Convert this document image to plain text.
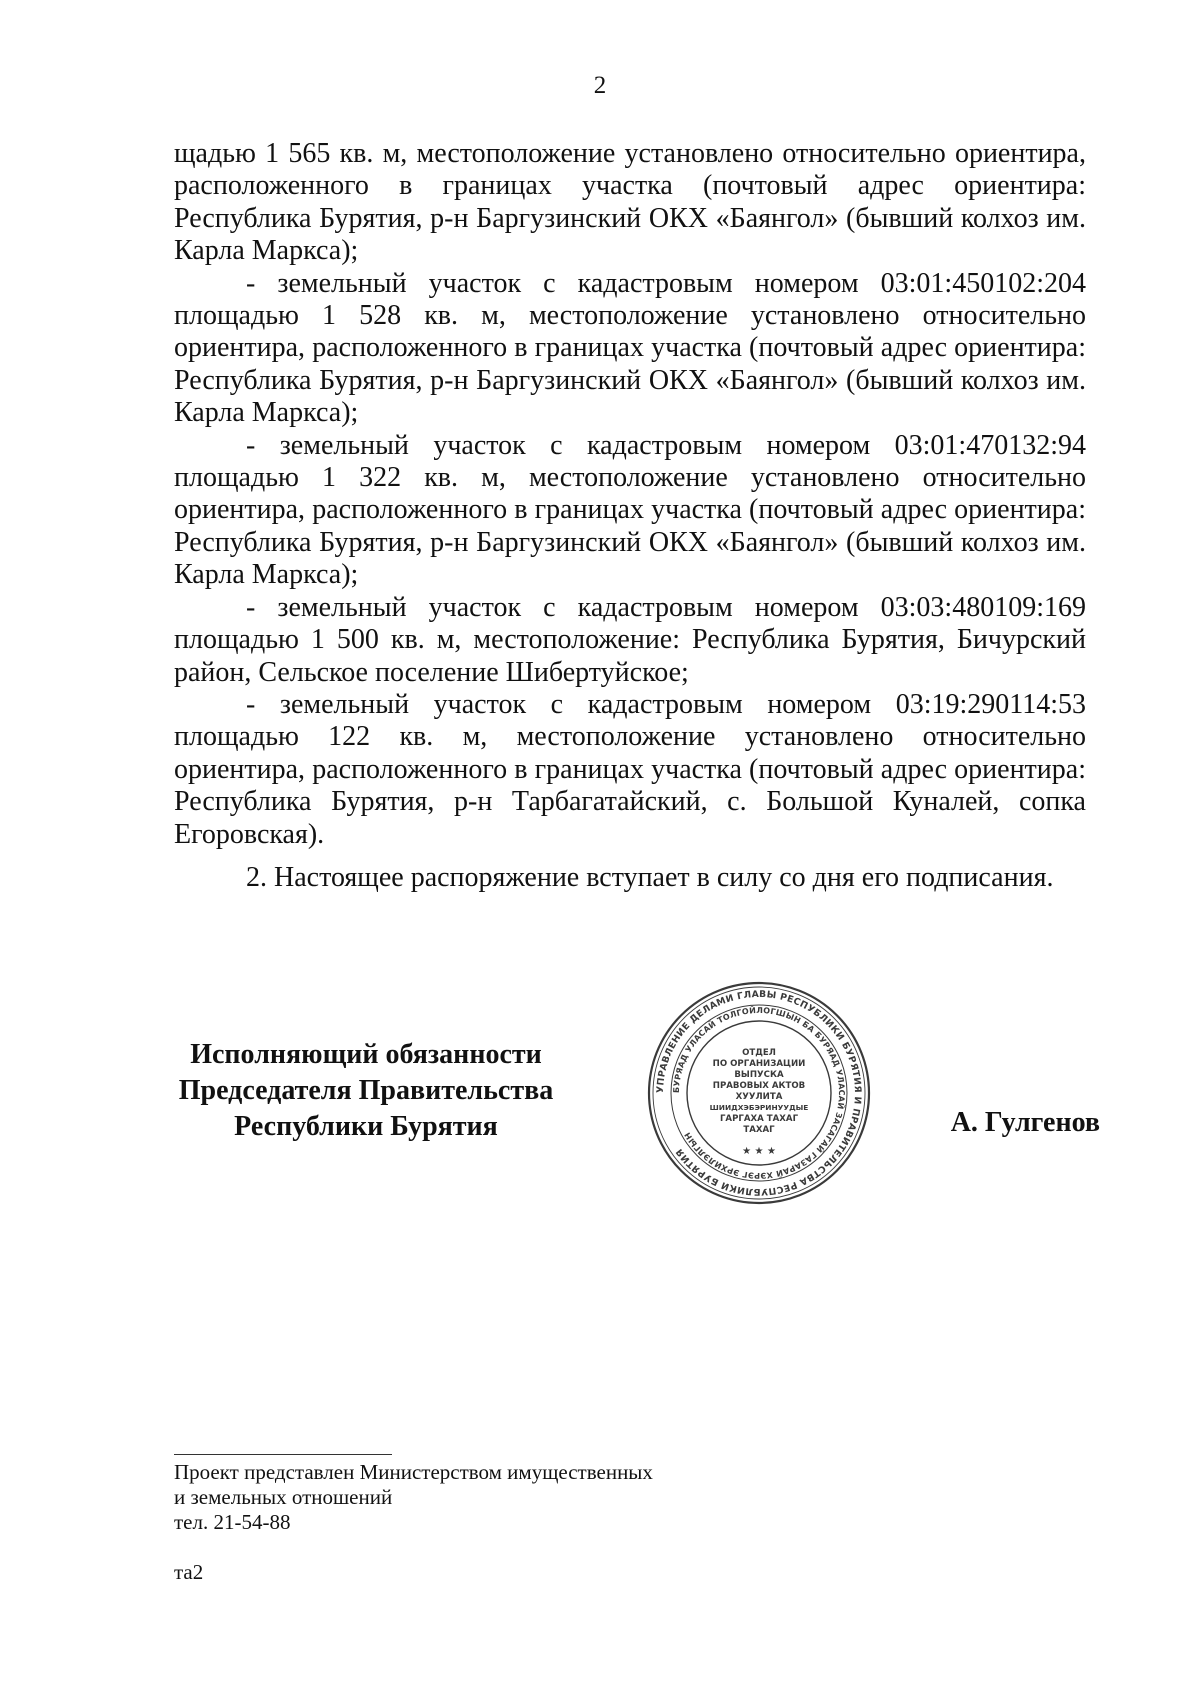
2

щадью 1 565 кв. м, местоположение установлено относительно ориентира, расположенного в границах участка (почтовый адрес ориентира: Республика Бурятия, р-н Баргузинский ОКХ «Баянгол» (бывший колхоз им. Карла Маркса);

- земельный участок с кадастровым номером 03:01:450102:204 площадью 1 528 кв. м, местоположение установлено относительно ориентира, расположенного в границах участка (почтовый адрес ориентира: Республика Бурятия, р-н Баргузинский ОКХ «Баянгол» (бывший колхоз им. Карла Маркса);

- земельный участок с кадастровым номером 03:01:470132:94 площадью 1 322 кв. м, местоположение установлено относительно ориентира, расположенного в границах участка (почтовый адрес ориентира: Республика Бурятия, р-н Баргузинский ОКХ «Баянгол» (бывший колхоз им. Карла Маркса);

- земельный участок с кадастровым номером 03:03:480109:169 площадью 1 500 кв. м, местоположение: Республика Бурятия, Бичурский район, Сельское поселение Шибертуйское;

- земельный участок с кадастровым номером 03:19:290114:53 площадью 122 кв. м, местоположение установлено относительно ориентира, расположенного в границах участка (почтовый адрес ориентира: Республика Бурятия, р-н Тарбагатайский, с. Большой Куналей, сопка Егоровская).

2. Настоящее распоряжение вступает в силу со дня его подписания.

Исполняющий обязанности
Председателя Правительства
Республики Бурятия
УПРАВЛЕНИЕ ДЕЛАМИ ГЛАВЫ РЕСПУБЛИКИ БУРЯТИЯ И ПРАВИТЕЛЬСТВА РЕСПУБЛИКИ БУРЯТИЯ
БУРЯАД УЛАСАЙ ТОЛГОЙЛОГШЫН БА БУРЯАД УЛАСАЙ ЗАСАГАЙ ГАЗАРАЙ ХЭРЭГ ЭРХИЛЭЛГЫН
ОТДЕЛ
ПО ОРГАНИЗАЦИИ
ВЫПУСКА
ПРАВОВЫХ АКТОВ
ХУУЛИТА
ШИИДХЭБЭРИНУУДЫЕ
ГАРГАХА ТАХАГ
ТАХАГ
★ ★ ★
А. Гулгенов
Проект представлен Министерством имущественных
и земельных отношений
тел. 21-54-88
та2
